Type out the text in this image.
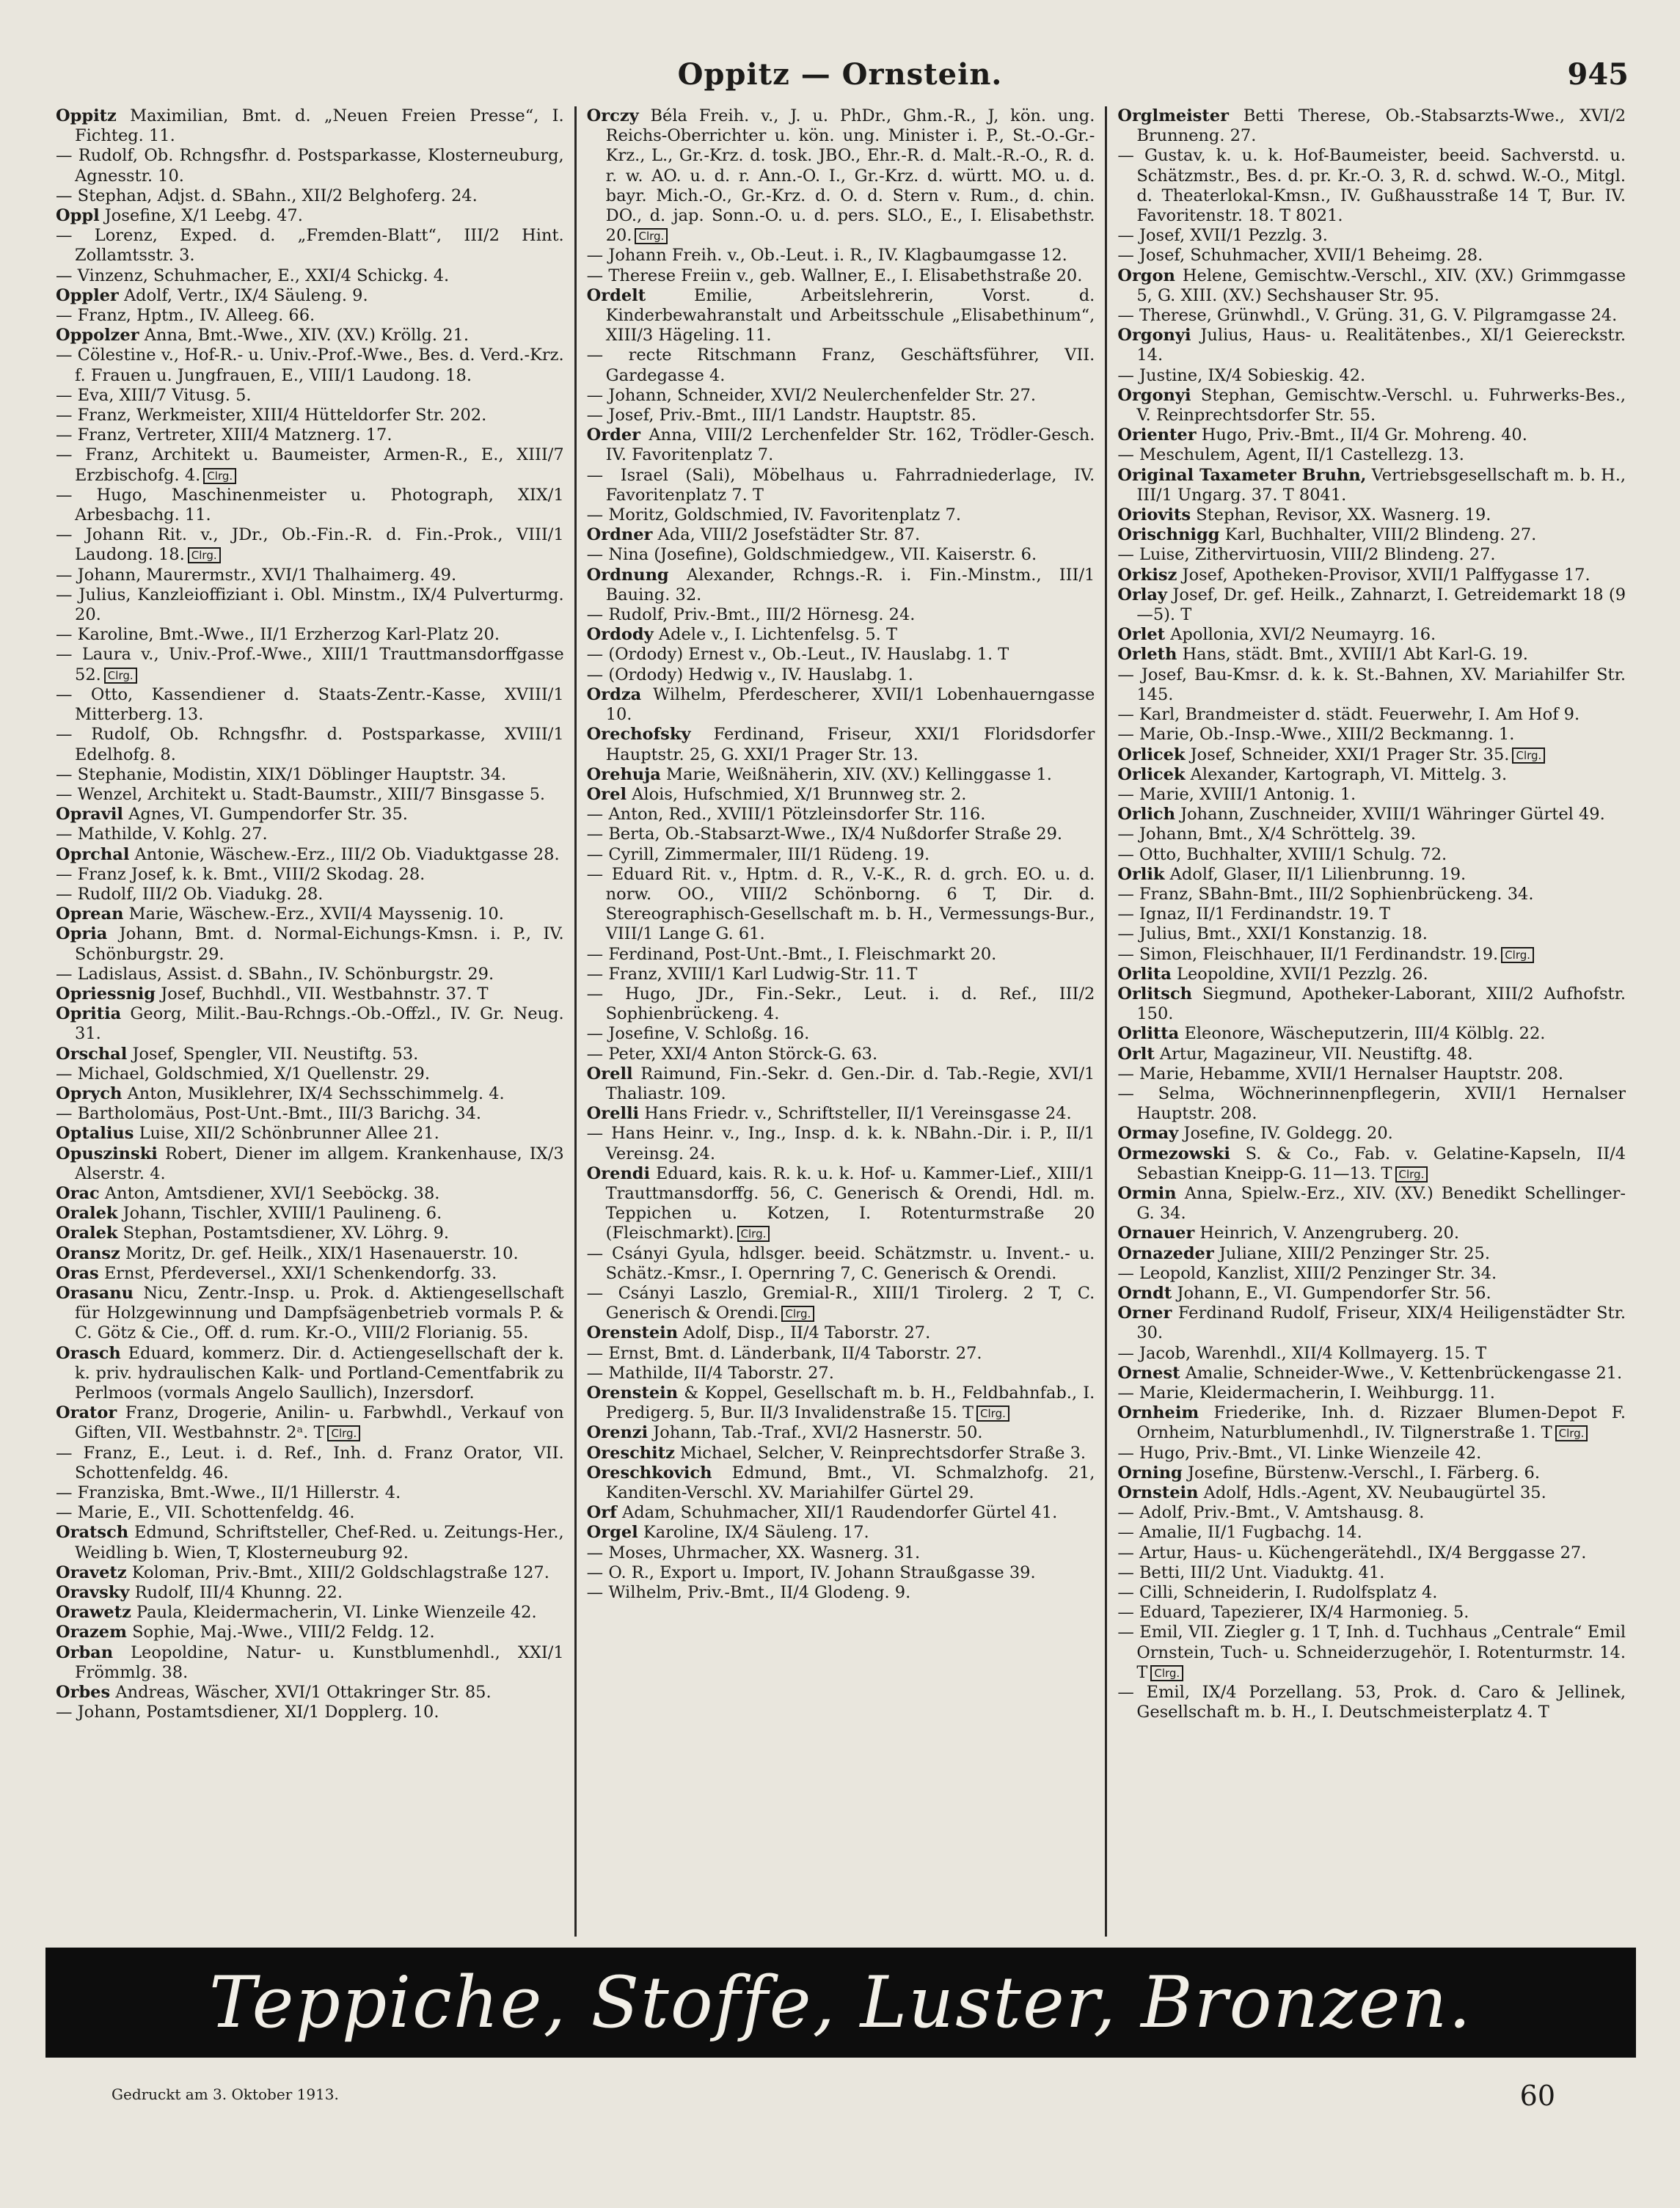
Oppitz — Ornstein.	945
Oppitz Maximilian, Bmt. d. „Neuen Freien Presse“, I. Fichteg. 11.
— Rudolf, Ob. Rchngsfhr. d. Postsparkasse, Klosterneuburg, Agnesstr. 10.
— Stephan, Adjst. d. SBahn., XII/2 Belghoferg. 24.
Oppl Josefine, X/1 Leebg. 47.
— Lorenz, Exped. d. „Fremden-Blatt“, III/2 Hint. Zollamtsstr. 3.
— Vinzenz, Schuhmacher, E., XXI/4 Schickg. 4.
Oppler Adolf, Vertr., IX/4 Säuleng. 9.
— Franz, Hptm., IV. Alleeg. 66.
Oppolzer Anna, Bmt.-Wwe., XIV. (XV.) Kröllg. 21.
— Cölestine v., Hof-R.- u. Univ.-Prof.-Wwe., Bes. d. Verd.-Krz. f. Frauen u. Jungfrauen, E., VIII/1 Laudong. 18.
— Eva, XIII/7 Vitusg. 5.
— Franz, Werkmeister, XIII/4 Hütteldorfer Str. 202.
— Franz, Vertreter, XIII/4 Matznerg. 17.
— Franz, Architekt u. Baumeister, Armen-R., E., XIII/7 Erzbischofg. 4. Clrg.
— Hugo, Maschinenmeister u. Photograph, XIX/1 Arbesbachg. 11.
— Johann Rit. v., JDr., Ob.-Fin.-R. d. Fin.-Prok., VIII/1 Laudong. 18. Clrg.
— Johann, Maurermstr., XVI/1 Thalhaimerg. 49.
— Julius, Kanzleioffiziant i. Obl. Minstm., IX/4 Pulverturmg. 20.
— Karoline, Bmt.-Wwe., II/1 Erzherzog Karl-Platz 20.
— Laura v., Univ.-Prof.-Wwe., XIII/1 Trauttmansdorffgasse 52. Clrg.
— Otto, Kassendiener d. Staats-Zentr.-Kasse, XVIII/1 Mitterberg. 13.
— Rudolf, Ob. Rchngsfhr. d. Postsparkasse, XVIII/1 Edelhofg. 8.
— Stephanie, Modistin, XIX/1 Döblinger Hauptstr. 34.
— Wenzel, Architekt u. Stadt-Baumstr., XIII/7 Binsgasse 5.
Opravil Agnes, VI. Gumpendorfer Str. 35.
— Mathilde, V. Kohlg. 27.
Oprchal Antonie, Wäschew.-Erz., III/2 Ob. Viaduktgasse 28.
— Franz Josef, k. k. Bmt., VIII/2 Skodag. 28.
— Rudolf, III/2 Ob. Viadukg. 28.
Oprean Marie, Wäschew.-Erz., XVII/4 Mayssenig. 10.
Opria Johann, Bmt. d. Normal-Eichungs-Kmsn. i. P., IV. Schönburgstr. 29.
— Ladislaus, Assist. d. SBahn., IV. Schönburgstr. 29.
Opriessnig Josef, Buchhdl., VII. Westbahnstr. 37. T
Opritia Georg, Milit.-Bau-Rchngs.-Ob.-Offzl., IV. Gr. Neug. 31.
Orschal Josef, Spengler, VII. Neustiftg. 53.
— Michael, Goldschmied, X/1 Quellenstr. 29.
Oprych Anton, Musiklehrer, IX/4 Sechsschimmelg. 4.
— Bartholomäus, Post-Unt.-Bmt., III/3 Barichg. 34.
Optalius Luise, XII/2 Schönbrunner Allee 21.
Opuszinski Robert, Diener im allgem. Krankenhause, IX/3 Alserstr. 4.
Orac Anton, Amtsdiener, XVI/1 Seeböckg. 38.
Oralek Johann, Tischler, XVIII/1 Paulineng. 6.
Oralek Stephan, Postamtsdiener, XV. Löhrg. 9.
Oransz Moritz, Dr. gef. Heilk., XIX/1 Hasenauerstr. 10.
Oras Ernst, Pferdeversel., XXI/1 Schenkendorfg. 33.
Orasanu Nicu, Zentr.-Insp. u. Prok. d. Aktiengesellschaft für Holzgewinnung und Dampfsägenbetrieb vormals P. & C. Götz & Cie., Off. d. rum. Kr.-O., VIII/2 Florianig. 55.
Orasch Eduard, kommerz. Dir. d. Actiengesellschaft der k. k. priv. hydraulischen Kalk- und Portland-Cementfabrik zu Perlmoos (vormals Angelo Saullich), Inzersdorf.
Orator Franz, Drogerie, Anilin- u. Farbwhdl., Verkauf von Giften, VII. Westbahnstr. 2ᵃ. T Clrg.
— Franz, E., Leut. i. d. Ref., Inh. d. Franz Orator, VII. Schottenfeldg. 46.
— Franziska, Bmt.-Wwe., II/1 Hillerstr. 4.
— Marie, E., VII. Schottenfeldg. 46.
Oratsch Edmund, Schriftsteller, Chef-Red. u. Zeitungs-Her., Weidling b. Wien, T, Klosterneuburg 92.
Oravetz Koloman, Priv.-Bmt., XIII/2 Goldschlagstraße 127.
Oravsky Rudolf, III/4 Khunng. 22.
Orawetz Paula, Kleidermacherin, VI. Linke Wienzeile 42.
Orazem Sophie, Maj.-Wwe., VIII/2 Feldg. 12.
Orban Leopoldine, Natur- u. Kunstblumenhdl., XXI/1 Frömmlg. 38.
Orbes Andreas, Wäscher, XVI/1 Ottakringer Str. 85.
— Johann, Postamtsdiener, XI/1 Dopplerg. 10.
Orczy Béla Freih. v., J. u. PhDr., Ghm.-R., J, kön. ung. Reichs-Oberrichter u. kön. ung. Minister i. P., St.-O.-Gr.-Krz., L., Gr.-Krz. d. tosk. JBO., Ehr.-R. d. Malt.-R.-O., R. d. r. w. AO. u. d. r. Ann.-O. I., Gr.-Krz. d. württ. MO. u. d. bayr. Mich.-O., Gr.-Krz. d. O. d. Stern v. Rum., d. chin. DO., d. jap. Sonn.-O. u. d. pers. SLO., E., I. Elisabethstr. 20. Clrg.
— Johann Freih. v., Ob.-Leut. i. R., IV. Klagbaumgasse 12.
— Therese Freiin v., geb. Wallner, E., I. Elisabethstraße 20.
Ordelt	Emilie, Arbeitslehrerin, Vorst. d. Kinderbewahranstalt und Arbeitsschule „Elisabethinum“, XIII/3 Hägeling. 11.
— recte Ritschmann Franz, Geschäftsführer, VII. Gardegasse 4.
— Johann, Schneider, XVI/2 Neulerchenfelder Str. 27.
— Josef, Priv.-Bmt., III/1 Landstr. Hauptstr. 85.
Order Anna, VIII/2 Lerchenfelder Str. 162, Trödler-Gesch. IV. Favoritenplatz 7.
— Israel (Sali), Möbelhaus u. Fahrradniederlage, IV. Favoritenplatz 7. T
— Moritz, Goldschmied, IV. Favoritenplatz 7.
Ordner Ada, VIII/2 Josefstädter Str. 87.
— Nina (Josefine), Goldschmiedgew., VII. Kaiserstr. 6.
Ordnung Alexander, Rchngs.-R. i. Fin.-Minstm., III/1 Bauing. 32.
— Rudolf, Priv.-Bmt., III/2 Hörnesg. 24.
Ordody Adele v., I. Lichtenfelsg. 5. T
— (Ordody) Ernest v., Ob.-Leut., IV. Hauslabg. 1. T
— (Ordody) Hedwig v., IV. Hauslabg. 1.
Ordza Wilhelm, Pferdescherer, XVII/1 Lobenhauerngasse 10.
Orechofsky Ferdinand, Friseur, XXI/1 Floridsdorfer Hauptstr. 25, G. XXI/1 Prager Str. 13.
Orehuja Marie, Weißnäherin, XIV. (XV.) Kellinggasse 1.
Orel Alois, Hufschmied, X/1 Brunnweg str. 2.
— Anton, Red., XVIII/1 Pötzleinsdorfer Str. 116.
— Berta, Ob.-Stabsarzt-Wwe., IX/4 Nußdorfer Straße 29.
— Cyrill, Zimmermaler, III/1 Rüdeng. 19.
— Eduard Rit. v., Hptm. d. R., V.-K., R. d. grch. EO. u. d. norw. OO., VIII/2 Schönborng. 6 T, Dir. d. Stereographisch-Gesellschaft m. b. H., Vermessungs-Bur., VIII/1 Lange G. 61.
— Ferdinand, Post-Unt.-Bmt., I. Fleischmarkt 20.
— Franz, XVIII/1 Karl Ludwig-Str. 11. T
— Hugo, JDr., Fin.-Sekr., Leut. i. d. Ref., III/2 Sophienbrückeng. 4.
— Josefine, V. Schloßg. 16.
— Peter, XXI/4 Anton Störck-G. 63.
Orell Raimund, Fin.-Sekr. d. Gen.-Dir. d. Tab.-Regie, XVI/1 Thaliastr. 109.
Orelli Hans Friedr. v., Schriftsteller, II/1 Vereinsgasse 24.
— Hans Heinr. v., Ing., Insp. d. k. k. NBahn.-Dir. i. P., II/1 Vereinsg. 24.
Orendi Eduard, kais. R. k. u. k. Hof- u. Kammer-Lief., XIII/1 Trauttmansdorffg. 56, C. Generisch & Orendi, Hdl. m. Teppichen u. Kotzen, I. Rotenturmstraße 20 (Fleischmarkt). Clrg.
— Csányi Gyula, hdlsger. beeid. Schätzmstr. u. Invent.- u. Schätz.-Kmsr., I. Opernring 7, C. Generisch & Orendi.
— Csányi Laszlo, Gremial-R., XIII/1 Tirolerg. 2 T, C. Generisch & Orendi. Clrg.
Orenstein Adolf, Disp., II/4 Taborstr. 27.
— Ernst, Bmt. d. Länderbank, II/4 Taborstr. 27.
— Mathilde, II/4 Taborstr. 27.
Orenstein & Koppel, Gesellschaft m. b. H., Feldbahnfab., I. Predigerg. 5, Bur. II/3 Invalidenstraße 15. T Clrg.
Orenzi Johann, Tab.-Traf., XVI/2 Hasnerstr. 50.
Oreschitz Michael, Selcher, V. Reinprechtsdorfer Straße 3.
Oreschkovich Edmund, Bmt., VI. Schmalzhofg. 21, Kanditen-Verschl. XV. Mariahilfer Gürtel 29.
Orf Adam, Schuhmacher, XII/1 Raudendorfer Gürtel 41.
Orgel Karoline, IX/4 Säuleng. 17.
— Moses, Uhrmacher, XX. Wasnerg. 31.
— O. R., Export u. Import, IV. Johann Straußgasse 39.
— Wilhelm, Priv.-Bmt., II/4 Glodeng. 9.
Orglmeister Betti Therese, Ob.-Stabsarzts-Wwe., XVI/2 Brunneng. 27.
— Gustav, k. u. k. Hof-Baumeister, beeid. Sachverstd. u. Schätzmstr., Bes. d. pr. Kr.-O. 3, R. d. schwd. W.-O., Mitgl. d. Theaterlokal-Kmsn., IV. Gußhausstraße 14 T, Bur. IV. Favoritenstr. 18. T 8021.
— Josef, XVII/1 Pezzlg. 3.
— Josef, Schuhmacher, XVII/1 Beheimg. 28.
Orgon Helene, Gemischtw.-Verschl., XIV. (XV.) Grimmgasse 5, G. XIII. (XV.) Sechshauser Str. 95.
— Therese, Grünwhdl., V. Grüng. 31, G. V. Pilgramgasse 24.
Orgonyi Julius, Haus- u. Realitätenbes., XI/1 Geiereckstr. 14.
— Justine, IX/4 Sobieskig. 42.
Orgonyi Stephan, Gemischtw.-Verschl. u. Fuhrwerks-Bes., V. Reinprechtsdorfer Str. 55.
Orienter Hugo, Priv.-Bmt., II/4 Gr. Mohreng. 40.
— Meschulem, Agent, II/1 Castellezg. 13.
Original Taxameter Bruhn, Vertriebsgesellschaft m. b. H., III/1 Ungarg. 37. T 8041.
Oriovits Stephan, Revisor, XX. Wasnerg. 19.
Orischnigg Karl, Buchhalter, VIII/2 Blindeng. 27.
— Luise, Zithervirtuosin, VIII/2 Blindeng. 27.
Orkisz Josef, Apotheken-Provisor, XVII/1 Palffygasse 17.
Orlay Josef, Dr. gef. Heilk., Zahnarzt, I. Getreidemarkt 18 (9—5). T
Orlet Apollonia, XVI/2 Neumayrg. 16.
Orleth Hans, städt. Bmt., XVIII/1 Abt Karl-G. 19.
— Josef, Bau-Kmsr. d. k. k. St.-Bahnen, XV. Mariahilfer Str. 145.
— Karl, Brandmeister d. städt. Feuerwehr, I. Am Hof 9.
— Marie, Ob.-Insp.-Wwe., XIII/2 Beckmanng. 1.
Orlicek Josef, Schneider, XXI/1 Prager Str. 35. Clrg.
Orlicek Alexander, Kartograph, VI. Mittelg. 3.
— Marie, XVIII/1 Antonig. 1.
Orlich Johann, Zuschneider, XVIII/1 Währinger Gürtel 49.
— Johann, Bmt., X/4 Schröttelg. 39.
— Otto, Buchhalter, XVIII/1 Schulg. 72.
Orlik Adolf, Glaser, II/1 Lilienbrunng. 19.
— Franz, SBahn-Bmt., III/2 Sophienbrückeng. 34.
— Ignaz, II/1 Ferdinandstr. 19. T
— Julius, Bmt., XXI/1 Konstanzig. 18.
— Simon, Fleischhauer, II/1 Ferdinandstr. 19. Clrg.
Orlita Leopoldine, XVII/1 Pezzlg. 26.
Orlitsch Siegmund, Apotheker-Laborant, XIII/2 Aufhofstr. 150.
Orlitta Eleonore, Wäscheputzerin, III/4 Kölblg. 22.
Orlt Artur, Magazineur, VII. Neustiftg. 48.
— Marie, Hebamme, XVII/1 Hernalser Hauptstr. 208.
— Selma, Wöchnerinnenpflegerin, XVII/1 Hernalser Hauptstr. 208.
Ormay Josefine, IV. Goldegg. 20.
Ormezowski S. & Co., Fab. v. Gelatine-Kapseln, II/4 Sebastian Kneipp-G. 11—13. T Clrg.
Ormin Anna, Spielw.-Erz., XIV. (XV.) Benedikt Schellinger-G. 34.
Ornauer Heinrich, V. Anzengruberg. 20.
Ornazeder Juliane, XIII/2 Penzinger Str. 25.
— Leopold, Kanzlist, XIII/2 Penzinger Str. 34.
Orndt Johann, E., VI. Gumpendorfer Str. 56.
Orner Ferdinand Rudolf, Friseur, XIX/4 Heiligenstädter Str. 30.
— Jacob, Warenhdl., XII/4 Kollmayerg. 15. T
Ornest Amalie, Schneider-Wwe., V. Kettenbrückengasse 21.
— Marie, Kleidermacherin, I. Weihburgg. 11.
Ornheim Friederike, Inh. d. Rizzaer Blumen-Depot F. Ornheim, Naturblumenhdl., IV. Tilgnerstraße 1. T Clrg.
— Hugo, Priv.-Bmt., VI. Linke Wienzeile 42.
Orning Josefine, Bürstenw.-Verschl., I. Färberg. 6.
Ornstein Adolf, Hdls.-Agent, XV. Neubaugürtel 35.
— Adolf, Priv.-Bmt., V. Amtshausg. 8.
— Amalie, II/1 Fugbachg. 14.
— Artur, Haus- u. Küchengerätehdl., IX/4 Berggasse 27.
— Betti, III/2 Unt. Viaduktg. 41.
— Cilli, Schneiderin, I. Rudolfsplatz 4.
— Eduard, Tapezierer, IX/4 Harmonieg. 5.
— Emil, VII. Ziegler g. 1 T, Inh. d. Tuchhaus „Centrale“ Emil Ornstein, Tuch- u. Schneiderzugehör, I. Rotenturmstr. 14. T Clrg.
— Emil, IX/4 Porzellang. 53, Prok. d. Caro & Jellinek, Gesellschaft m. b. H., I. Deutschmeisterplatz 4. T
Teppiche, Stoffe, Luster, Bronzen.
Gedruckt am 3. Oktober 1913.	60
